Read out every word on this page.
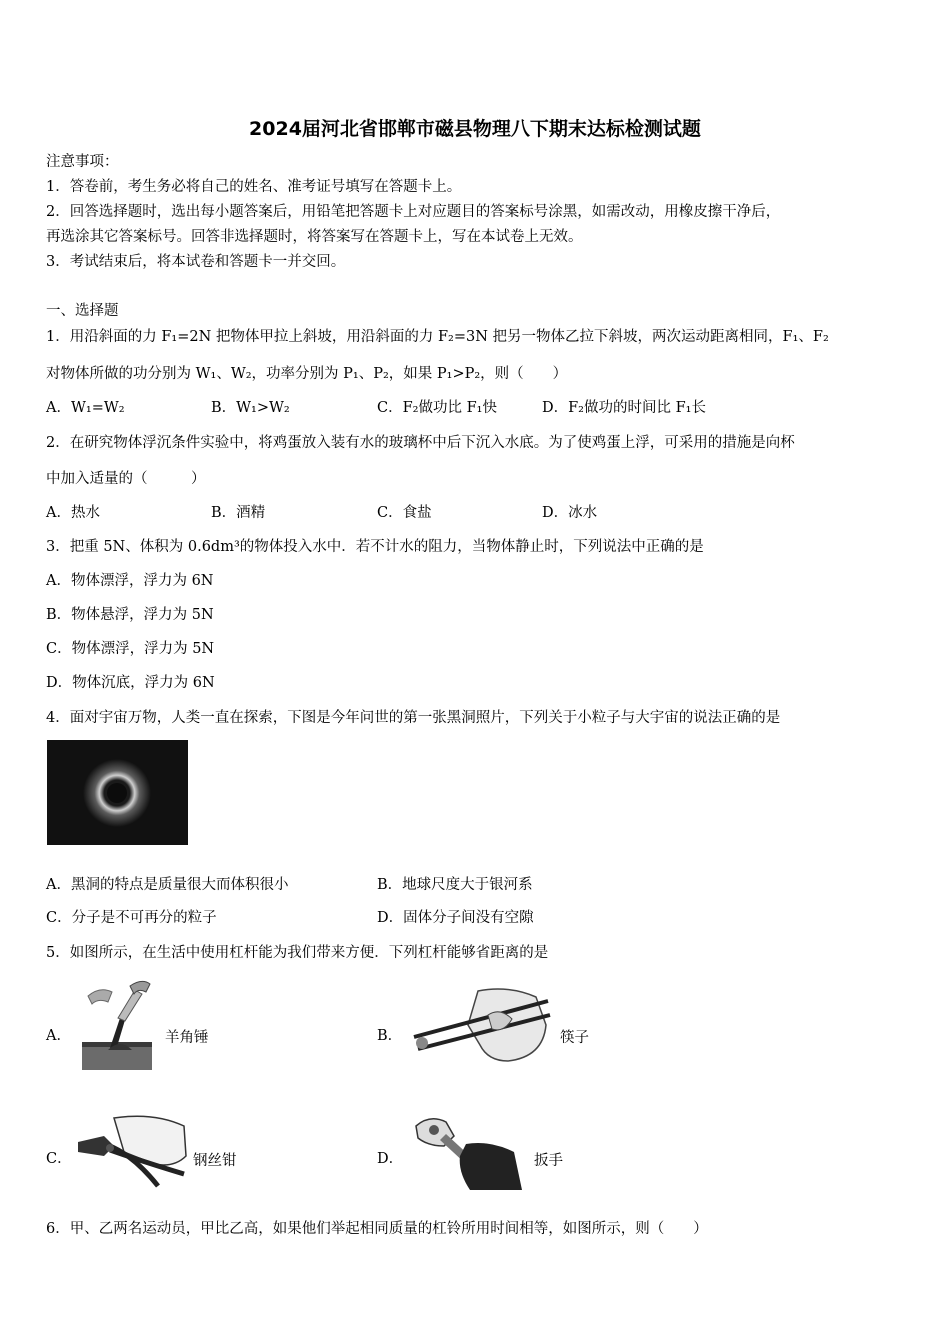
2024届河北省邯郸市磁县物理八下期末达标检测试题
注意事项：
1．答卷前，考生务必将自己的姓名、准考证号填写在答题卡上。
2．回答选择题时，选出每小题答案后，用铅笔把答题卡上对应题目的答案标号涂黑，如需改动，用橡皮擦干净后，
再选涂其它答案标号。回答非选择题时，将答案写在答题卡上，写在本试卷上无效。
3．考试结束后，将本试卷和答题卡一并交回。
一、选择题
1．用沿斜面的力 F₁=2N 把物体甲拉上斜坡，用沿斜面的力 F₂=3N 把另一物体乙拉下斜坡，两次运动距离相同，F₁、F₂
对物体所做的功分别为 W₁、W₂，功率分别为 P₁、P₂，如果 P₁>P₂，则（　　）
A．W₁=W₂	B．W₁>W₂	C．F₂做功比 F₁快	D．F₂做功的时间比 F₁长
2．在研究物体浮沉条件实验中，将鸡蛋放入装有水的玻璃杯中后下沉入水底。为了使鸡蛋上浮，可采用的措施是向杯
中加入适量的（　　　）
A．热水	B．酒精	C．食盐	D．冰水
3．把重 5N、体积为 0.6dm³的物体投入水中．若不计水的阻力，当物体静止时，下列说法中正确的是
A．物体漂浮，浮力为 6N
B．物体悬浮，浮力为 5N
C．物体漂浮，浮力为 5N
D．物体沉底，浮力为 6N
4．面对宇宙万物，人类一直在探索，下图是今年问世的第一张黑洞照片，下列关于小粒子与大宇宙的说法正确的是
A．黑洞的特点是质量很大而体积很小	B．地球尺度大于银河系
C．分子是不可再分的粒子	D．固体分子间没有空隙
5．如图所示，在生活中使用杠杆能为我们带来方便．下列杠杆能够省距离的是
A．	羊角锤	B．	筷子
C．	钢丝钳	D．	扳手
6．甲、乙两名运动员，甲比乙高，如果他们举起相同质量的杠铃所用时间相等，如图所示，则（　　）
